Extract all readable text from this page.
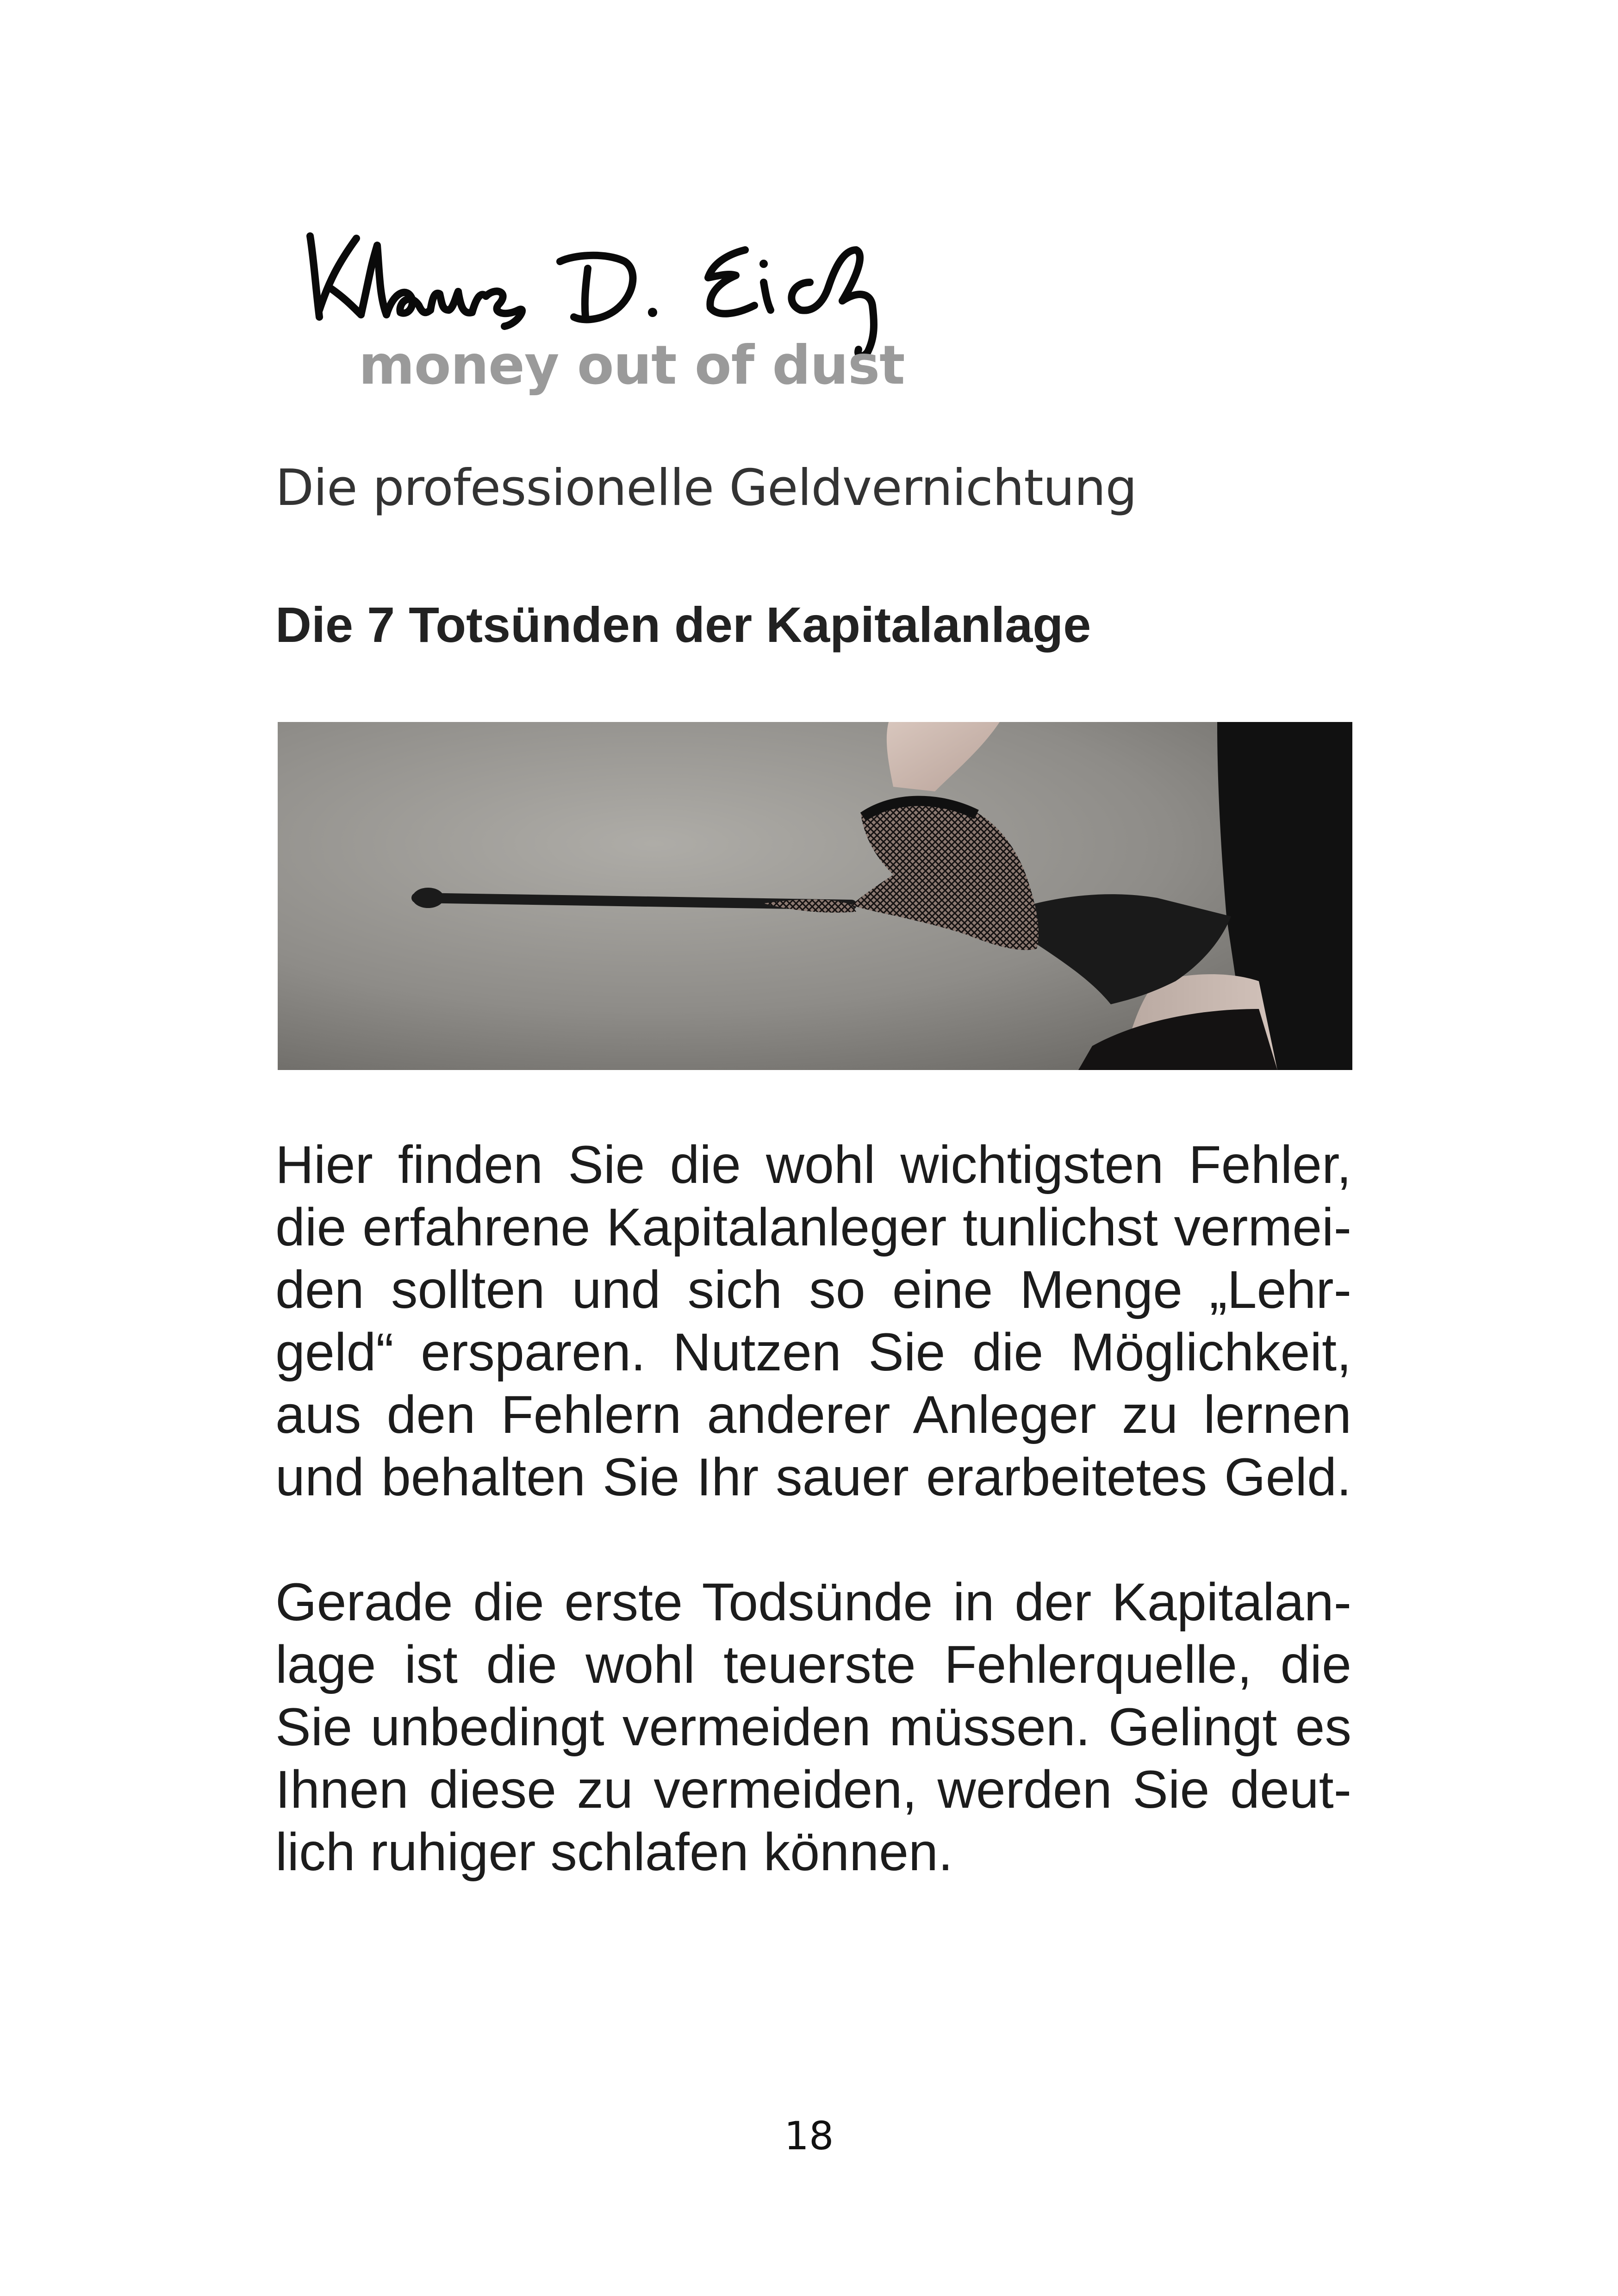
money out of dust
Die professionelle Geldvernichtung
Die 7 Totsünden der Kapitalanlage
Hier finden Sie die wohl wichtigsten Fehler,
die erfahrene Kapitalanleger tunlichst vermei-
den sollten und sich so eine Menge „Lehr-
geld“ ersparen. Nutzen Sie die Möglichkeit,
aus den Fehlern anderer Anleger zu lernen
und behalten Sie Ihr sauer erarbeitetes Geld.
Gerade die erste Todsünde in der Kapitalan-
lage ist die wohl teuerste Fehlerquelle, die
Sie unbedingt vermeiden müssen. Gelingt es
Ihnen diese zu vermeiden, werden Sie deut-
lich ruhiger schlafen können.
18
